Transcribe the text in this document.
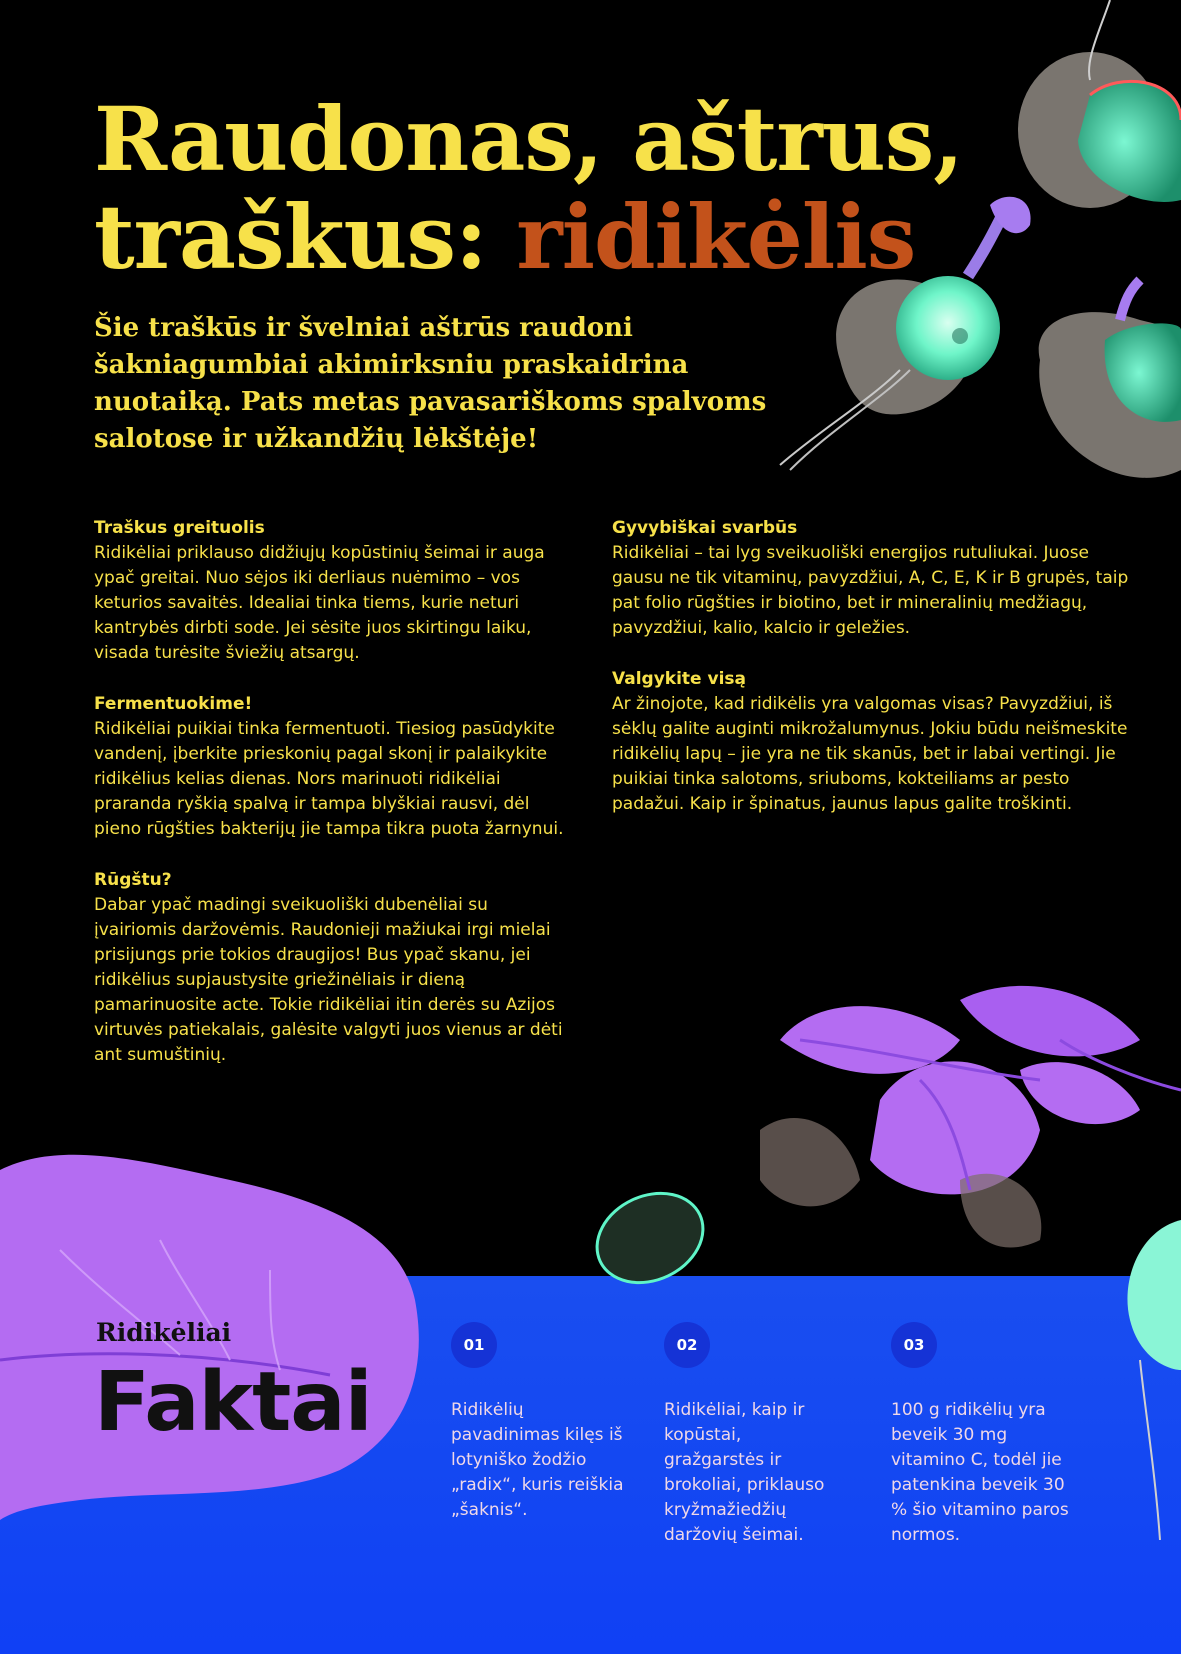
Raudonas, aštrus,
traškus: ridikėlis

Šie traškūs ir švelniai aštrūs raudoni šakniagumbiai akimirksniu praskaidrina nuotaiką. Pats metas pavasariškoms spalvoms salotose ir užkandžių lėkštėje!

Traškus greituolis

Ridikėliai priklauso didžiųjų kopūstinių šeimai ir auga ypač greitai. Nuo sėjos iki derliaus nuėmimo – vos keturios savaitės. Idealiai tinka tiems, kurie neturi kantrybės dirbti sode. Jei sėsite juos skirtingu laiku, visada turėsite šviežių atsargų.

Fermentuokime!

Ridikėliai puikiai tinka fermentuoti. Tiesiog pasūdykite vandenį, įberkite prieskonių pagal skonį ir palaikykite ridikėlius kelias dienas. Nors marinuoti ridikėliai praranda ryškią spalvą ir tampa blyškiai rausvi, dėl pieno rūgšties bakterijų jie tampa tikra puota žarnynui.

Rūgštu?

Dabar ypač madingi sveikuoliški dubenėliai su įvairiomis daržovėmis. Raudonieji mažiukai irgi mielai prisijungs prie tokios draugijos! Bus ypač skanu, jei ridikėlius supjaustysite griežinėliais ir dieną pamarinuosite acte. Tokie ridikėliai itin derės su Azijos virtuvės patiekalais, galėsite valgyti juos vienus ar dėti ant sumuštinių.

Gyvybiškai svarbūs

Ridikėliai – tai lyg sveikuoliški energijos rutuliukai. Juose gausu ne tik vitaminų, pavyzdžiui, A, C, E, K ir B grupės, taip pat folio rūgšties ir biotino, bet ir mineralinių medžiagų, pavyzdžiui, kalio, kalcio ir geležies.

Valgykite visą

Ar žinojote, kad ridikėlis yra valgomas visas? Pavyzdžiui, iš sėklų galite auginti mikrožalumynus. Jokiu būdu neišmeskite ridikėlių lapų – jie yra ne tik skanūs, bet ir labai vertingi. Jie puikiai tinka salotoms, sriuboms, kokteiliams ar pesto padažui. Kaip ir špinatus, jaunus lapus galite troškinti.

Ridikėliai
Faktai
01

Ridikėlių pavadinimas kilęs iš lotyniško žodžio „radix“, kuris reiškia „šaknis“.

02

Ridikėliai, kaip ir kopūstai, gražgarstės ir brokoliai, priklauso kryžmažiedžių daržovių šeimai.

03

100 g ridikėlių yra beveik 30 mg vitamino C, todėl jie patenkina beveik 30 % šio vitamino paros normos.
